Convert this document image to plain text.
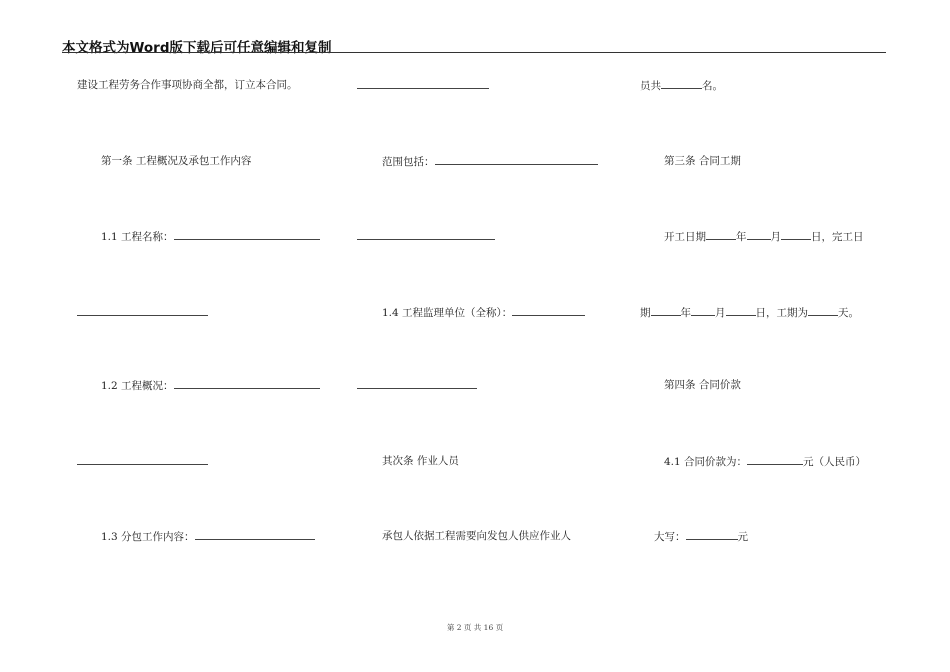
本文格式为Word版下载后可任意编辑和复制
建设工程劳务合作事项协商全都，订立本合同。
第一条 工程概况及承包工作内容
1.1 工程名称：
1.2 工程概况：
1.3 分包工作内容：
范围包括：
1.4 工程监理单位（全称）：
其次条 作业人员
承包人依据工程需要向发包人供应作业人
员共	名。
第三条 合同工期
开工日期	年 月	日，完工日
期	年 月	日，工期为	天。
第四条 合同价款
4.1 合同价款为：	元（人民币）
大写：	元
第 2 页 共 16 页
